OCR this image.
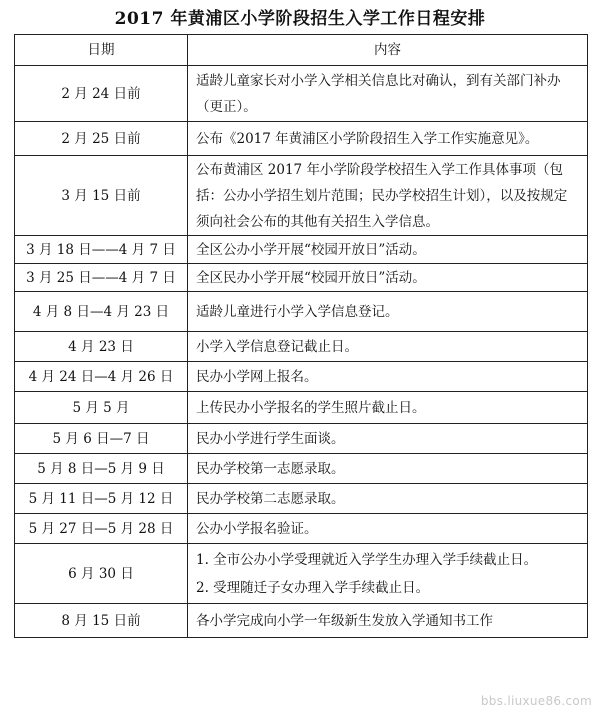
2017 年黄浦区小学阶段招生入学工作日程安排
日期	内容
2 月 24 日前	适龄儿童家长对小学入学相关信息比对确认，到有关部门补办（更正）。

2 月 25 日前	公布《2017 年黄浦区小学阶段招生入学工作实施意见》。

3 月 15 日前	公布黄浦区 2017 年小学阶段学校招生入学工作具体事项（包括：公办小学招生划片范围；民办学校招生计划），以及按规定须向社会公布的其他有关招生入学信息。

3 月 18 日——4 月 7 日	全区公办小学开展“校园开放日”活动。

3 月 25 日——4 月 7 日	全区民办小学开展“校园开放日”活动。

4 月 8 日—4 月 23 日	适龄儿童进行小学入学信息登记。

4 月 23 日	小学入学信息登记截止日。

4 月 24 日—4 月 26 日	民办小学网上报名。

5 月 5 月	上传民办小学报名的学生照片截止日。

5 月 6 日—7 日	民办小学进行学生面谈。

5 月 8 日—5 月 9 日	民办学校第一志愿录取。

5 月 11 日—5 月 12 日	民办学校第二志愿录取。

5 月 27 日—5 月 28 日	公办小学报名验证。

6 月 30 日	1. 全市公办小学受理就近入学学生办理入学手续截止日。
2. 受理随迁子女办理入学手续截止日。

8 月 15 日前	各小学完成向小学一年级新生发放入学通知书工作
bbs.liuxue86.com
